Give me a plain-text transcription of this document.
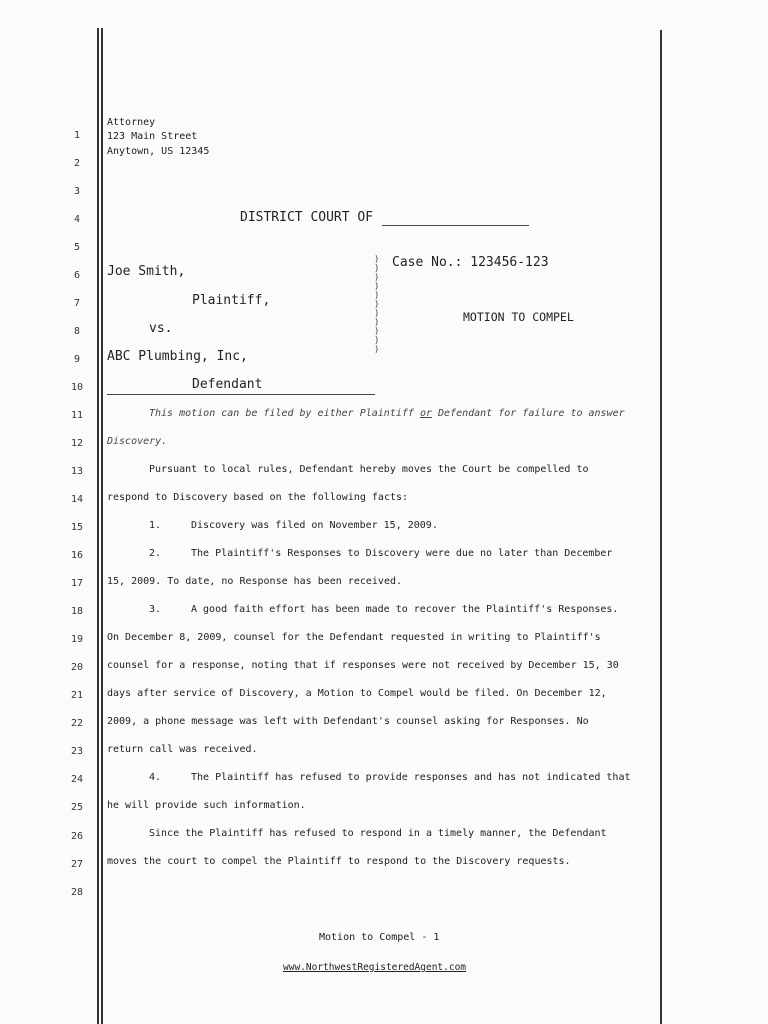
1
2
3
4
5
6
7
8
9
10
11
12
13
14
15
16
17
18
19
20
21
22
23
24
25
26
27
28
Attorney
123 Main Street
Anytown, US 12345
DISTRICT COURT OF
Joe Smith,
Plaintiff,
vs.
ABC Plumbing, Inc,
Defendant
)
)
)
)
)
)
)
)
)
)
)
Case No.: 123456-123
MOTION TO COMPEL
This motion can be filed by either Plaintiff or Defendant for failure to answer
Discovery.
Pursuant to local rules, Defendant hereby moves the Court be compelled to
respond to Discovery based on the following facts:
1.	Discovery was filed on November 15, 2009.
2.	The Plaintiff's Responses to Discovery were due no later than December
15, 2009. To date, no Response has been received.
3.	A good faith effort has been made to recover the Plaintiff's Responses.
On December 8, 2009, counsel for the Defendant requested in writing to Plaintiff's
counsel for a response, noting that if responses were not received by December 15, 30
days after service of Discovery, a Motion to Compel would be filed. On December 12,
2009, a phone message was left with Defendant's counsel asking for Responses. No
return call was received.
4.	The Plaintiff has refused to provide responses and has not indicated that
he will provide such information.
Since the Plaintiff has refused to respond in a timely manner, the Defendant
moves the court to compel the Plaintiff to respond to the Discovery requests.
Motion to Compel - 1
www.NorthwestRegisteredAgent.com
